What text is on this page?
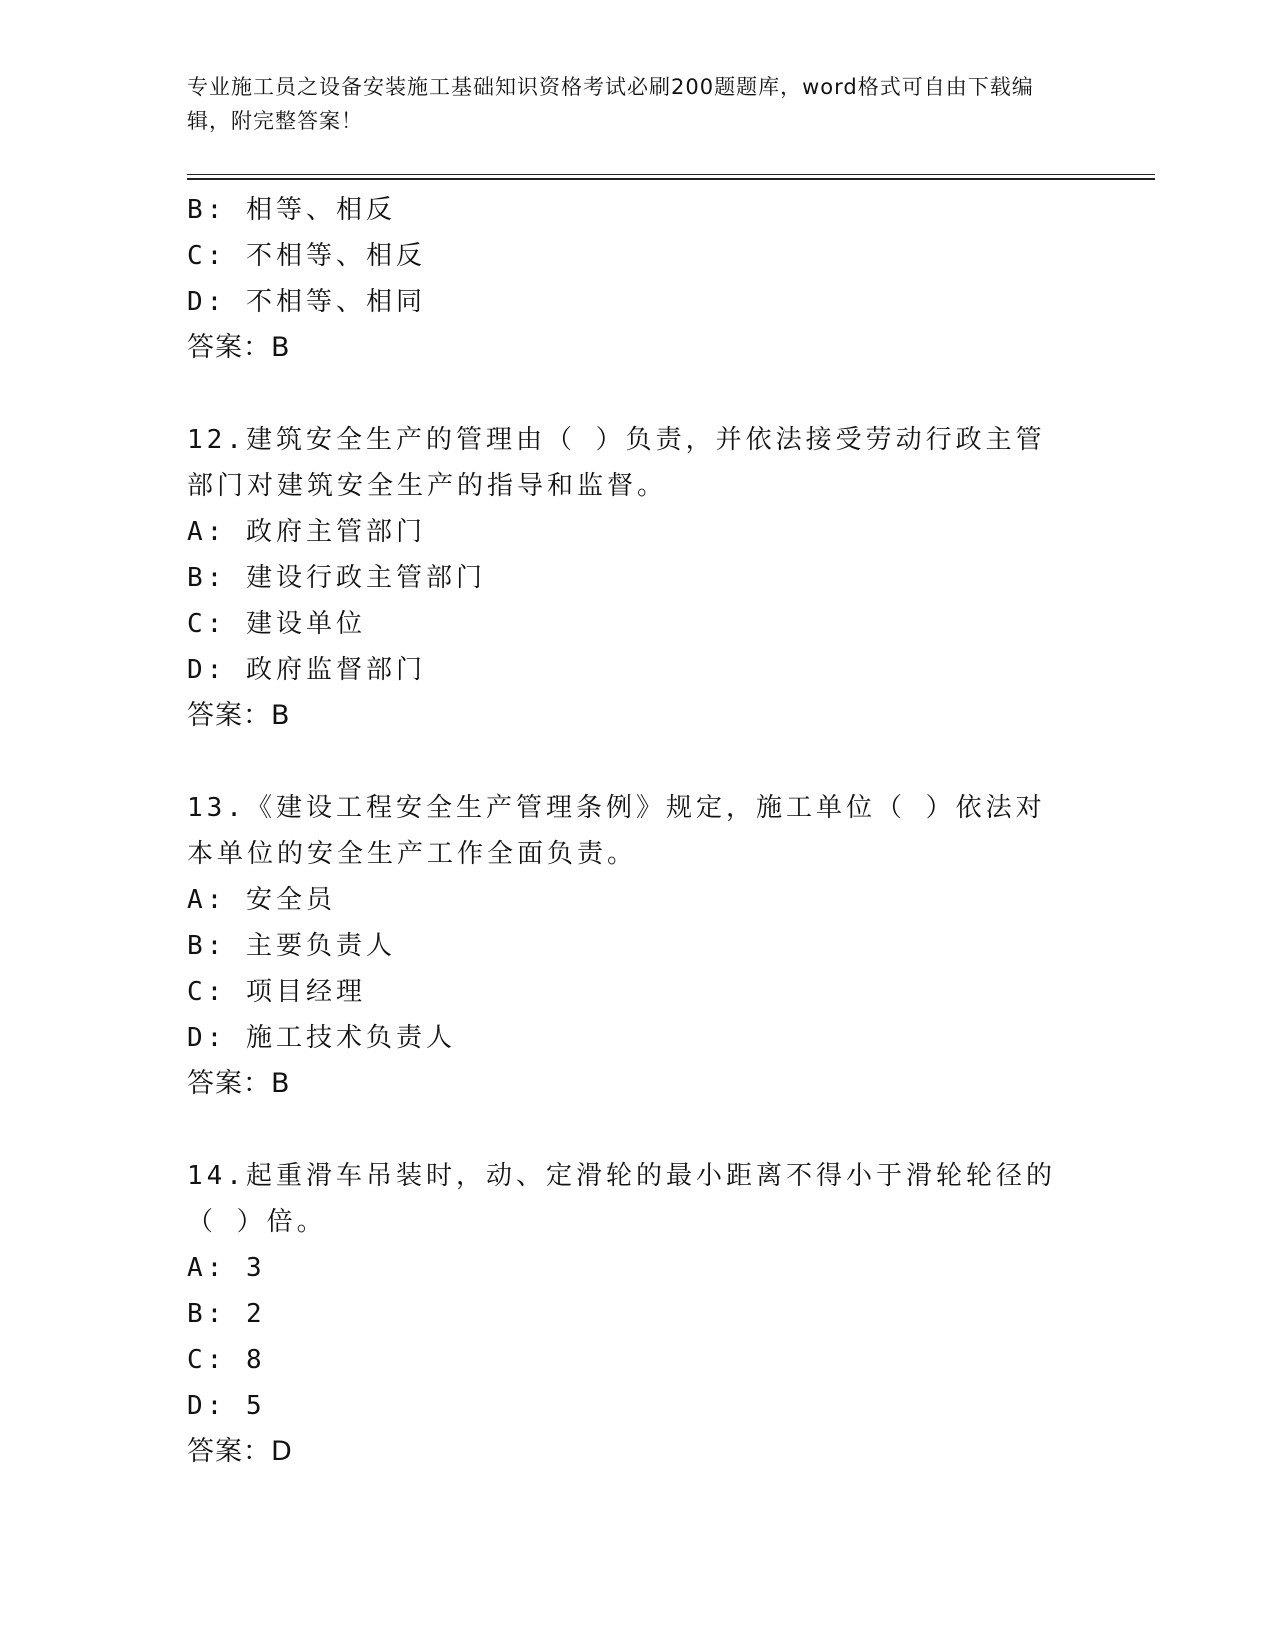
专业施工员之设备安装施工基础知识资格考试必刷200题题库，word格式可自由下载编辑，附完整答案！
B: 相等、相反
C: 不相等、相反
D: 不相等、相同
答案：B
12.建筑安全生产的管理由（ ）负责，并依法接受劳动行政主管部门对建筑安全生产的指导和监督。
A: 政府主管部门
B: 建设行政主管部门
C: 建设单位
D: 政府监督部门
答案：B
13.《建设工程安全生产管理条例》规定，施工单位（ ）依法对本单位的安全生产工作全面负责。
A: 安全员
B: 主要负责人
C: 项目经理
D: 施工技术负责人
答案：B
14.起重滑车吊装时，动、定滑轮的最小距离不得小于滑轮轮径的（ ）倍。
A: 3
B: 2
C: 8
D: 5
答案：D
